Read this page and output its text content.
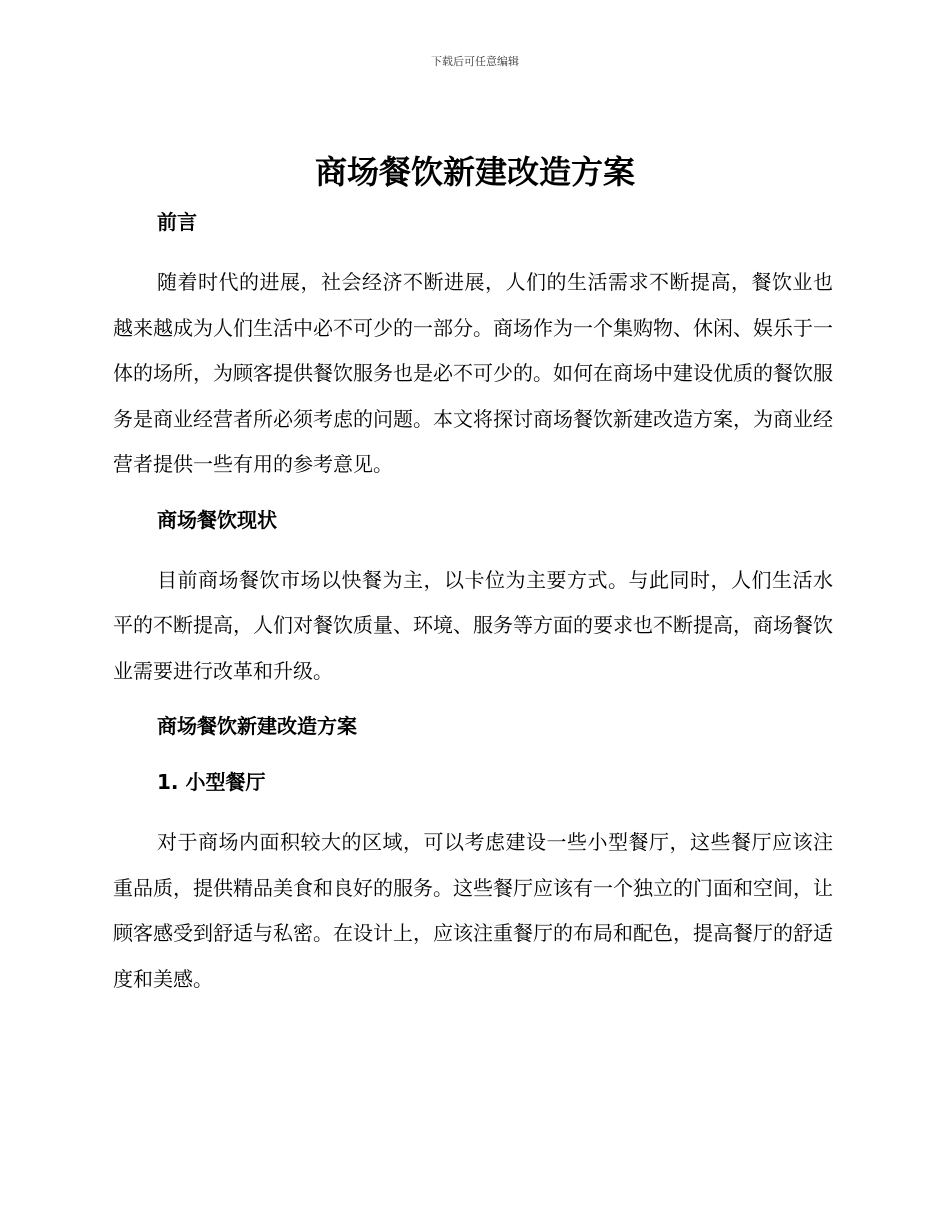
下载后可任意编辑
商场餐饮新建改造方案
前言

随着时代的进展，社会经济不断进展，人们的生活需求不断提高，餐饮业也越来越成为人们生活中必不可少的一部分。商场作为一个集购物、休闲、娱乐于一体的场所，为顾客提供餐饮服务也是必不可少的。如何在商场中建设优质的餐饮服务是商业经营者所必须考虑的问题。本文将探讨商场餐饮新建改造方案，为商业经营者提供一些有用的参考意见。

商场餐饮现状

目前商场餐饮市场以快餐为主，以卡位为主要方式。与此同时，人们生活水平的不断提高，人们对餐饮质量、环境、服务等方面的要求也不断提高，商场餐饮业需要进行改革和升级。

商场餐饮新建改造方案
1. 小型餐厅

对于商场内面积较大的区域，可以考虑建设一些小型餐厅，这些餐厅应该注重品质，提供精品美食和良好的服务。这些餐厅应该有一个独立的门面和空间，让顾客感受到舒适与私密。在设计上，应该注重餐厅的布局和配色，提高餐厅的舒适度和美感。
